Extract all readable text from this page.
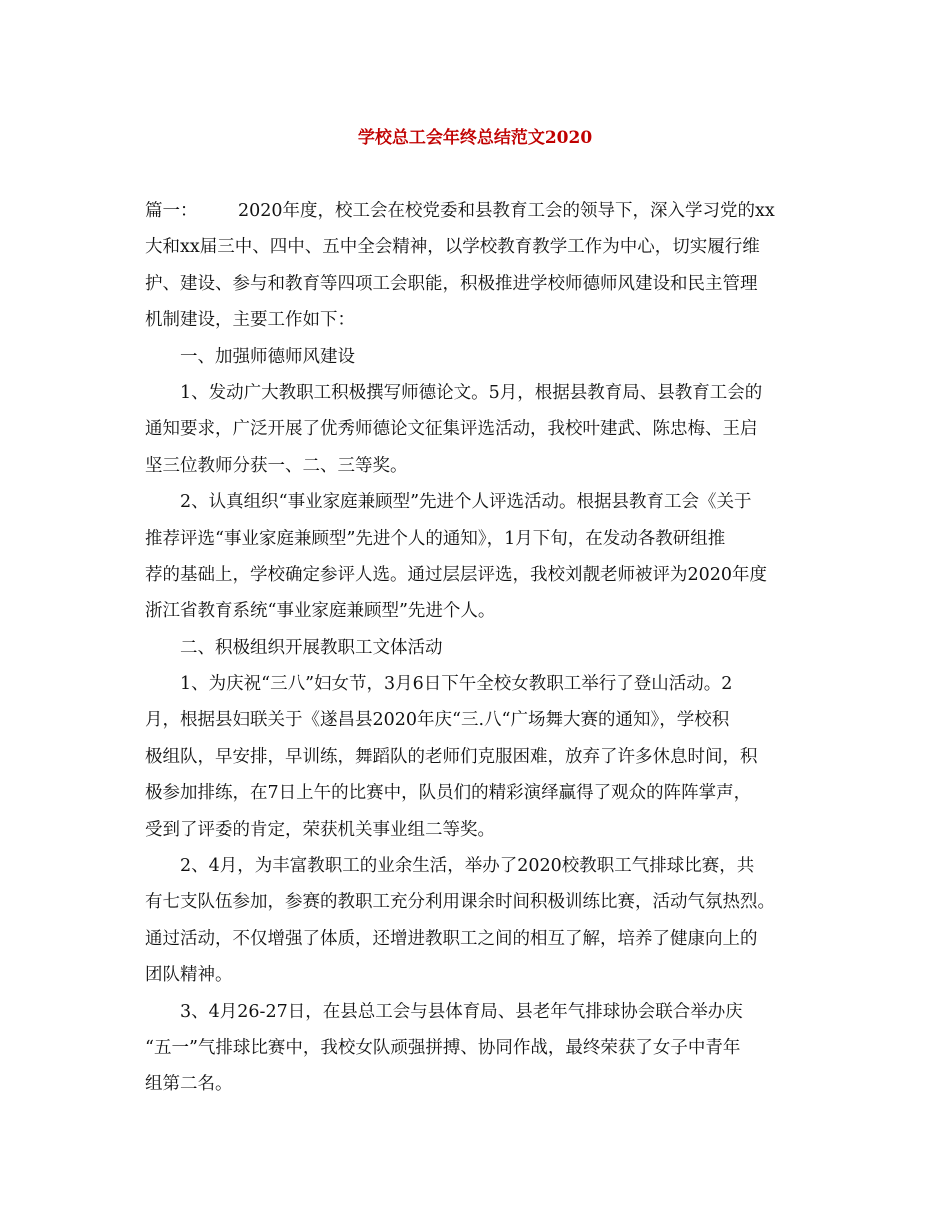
学校总工会年终总结范文2020

篇一： 2020年度，校工会在校党委和县教育工会的领导下，深入学习党的xx

大和xx届三中、四中、五中全会精神，以学校教育教学工作为中心，切实履行维

护、建设、参与和教育等四项工会职能，积极推进学校师德师风建设和民主管理

机制建设，主要工作如下：

一、加强师德师风建设

1、发动广大教职工积极撰写师德论文。5月，根据县教育局、县教育工会的

通知要求，广泛开展了优秀师德论文征集评选活动，我校叶建武、陈忠梅、王启

坚三位教师分获一、二、三等奖。

2、认真组织“事业家庭兼顾型”先进个人评选活动。根据县教育工会《关于

推荐评选“事业家庭兼顾型”先进个人的通知》，1月下旬，在发动各教研组推

荐的基础上，学校确定参评人选。通过层层评选，我校刘靓老师被评为2020年度

浙江省教育系统“事业家庭兼顾型”先进个人。

二、积极组织开展教职工文体活动

1、为庆祝“三八”妇女节，3月6日下午全校女教职工举行了登山活动。2

月，根据县妇联关于《遂昌县2020年庆“三.八“广场舞大赛的通知》，学校积

极组队，早安排，早训练，舞蹈队的老师们克服困难，放弃了许多休息时间，积

极参加排练，在7日上午的比赛中，队员们的精彩演绎赢得了观众的阵阵掌声，

受到了评委的肯定，荣获机关事业组二等奖。

2、4月，为丰富教职工的业余生活，举办了2020校教职工气排球比赛，共

有七支队伍参加，参赛的教职工充分利用课余时间积极训练比赛，活动气氛热烈。

通过活动，不仅增强了体质，还增进教职工之间的相互了解，培养了健康向上的

团队精神。

3、4月26-27日，在县总工会与县体育局、县老年气排球协会联合举办庆

“五一”气排球比赛中，我校女队顽强拼搏、协同作战，最终荣获了女子中青年

组第二名。
